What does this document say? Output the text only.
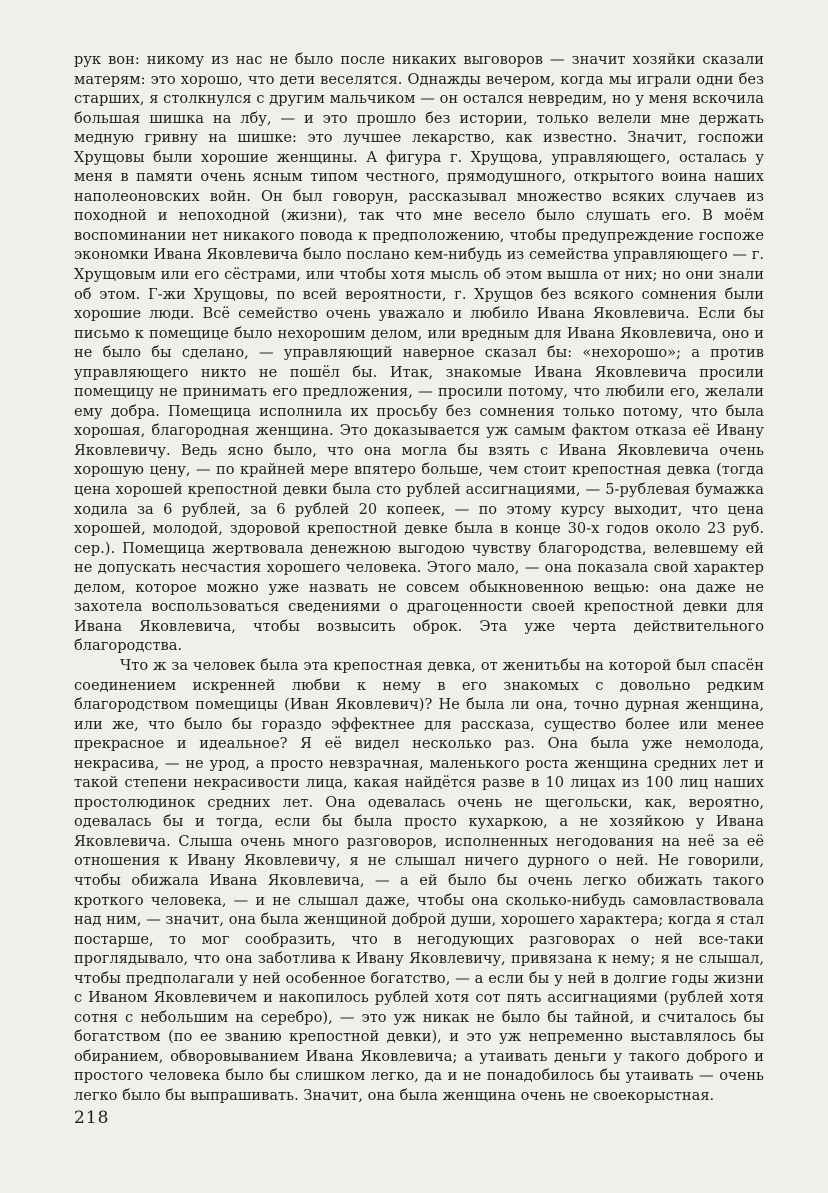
рук вон: никому из нас не было после никаких выговоров — значит хозяйки сказали матерям: это хорошо, что дети веселятся. Однажды вечером, когда мы играли одни без старших, я столкнулся с другим мальчиком — он остался невредим, но у меня вскочила большая шишка на лбу, — и это прошло без истории, только велели мне держать медную гривну на шишке: это лучшее лекарство, как известно. Значит, госпожи Хрущовы были хорошие женщины. А фигура г. Хрущова, управляющего, осталась у меня в памяти очень ясным типом честного, прямодушного, открытого воина наших наполеоновских войн. Он был говорун, рассказывал множество всяких случаев из походной и непоходной (жизни), так что мне весело было слушать его. В моём воспоминании нет никакого повода к предположению, чтобы предупреждение госпоже экономки Ивана Яковлевича было послано кем-нибудь из семейства управляющего — г. Хрущовым или его сёстрами, или чтобы хотя мысль об этом вышла от них; но они знали об этом. Г-жи Хрущовы, по всей вероятности, г. Хрущов без всякого сомнения были хорошие люди. Всё семейство очень уважало и любило Ивана Яковлевича. Если бы письмо к помещице было нехорошим делом, или вредным для Ивана Яковлевича, оно и не было бы сделано, — управляющий наверное сказал бы: «нехорошо»; а против управляющего никто не пошёл бы. Итак, знакомые Ивана Яковлевича просили помещицу не принимать его предложения, — просили потому, что любили его, желали ему добра. Помещица исполнила их просьбу без сомнения только потому, что была хорошая, благородная женщина. Это доказывается уж самым фактом отказа её Ивану Яковлевичу. Ведь ясно было, что она могла бы взять с Ивана Яковлевича очень хорошую цену, — по крайней мере впятеро больше, чем стоит крепостная девка (тогда цена хорошей крепостной девки была сто рублей ассигнациями, — 5-рублевая бумажка ходила за 6 рублей, за 6 рублей 20 копеек, — по этому курсу выходит, что цена хорошей, молодой, здоровой крепостной девке была в конце 30-х годов около 23 руб. сер.). Помещица жертвовала денежною выгодою чувству благородства, велевшему ей не допускать несчастия хорошего человека. Этого мало, — она показала свой характер делом, которое можно уже назвать не совсем обыкновенною вещью: она даже не захотела воспользоваться сведениями о драгоценности своей крепостной девки для Ивана Яковлевича, чтобы возвысить оброк. Эта уже черта действительного благородства.

Что ж за человек была эта крепостная девка, от женитьбы на которой был спасён соединением искренней любви к нему в его знакомых с довольно редким благородством помещицы (Иван Яковлевич)? Не была ли она, точно дурная женщина, или же, что было бы гораздо эффектнее для рассказа, существо более или менее прекрасное и идеальное? Я её видел несколько раз. Она была уже немолода, некрасива, — не урод, а просто невзрачная, маленького роста женщина средних лет и такой степени некрасивости лица, какая найдётся разве в 10 лицах из 100 лиц наших простолюдинок средних лет. Она одевалась очень не щегольски, как, вероятно, одевалась бы и тогда, если бы была просто кухаркою, а не хозяйкою у Ивана Яковлевича. Слыша очень много разговоров, исполненных негодования на неё за её отношения к Ивану Яковлевичу, я не слышал ничего дурного о ней. Не говорили, чтобы обижала Ивана Яковлевича, — а ей было бы очень легко обижать такого кроткого человека, — и не слышал даже, чтобы она сколько-нибудь самовластвовала над ним, — значит, она была женщиной доброй души, хорошего характера; когда я стал постарше, то мог сообразить, что в негодующих разговорах о ней все-таки проглядывало, что она заботлива к Ивану Яковлевичу, привязана к нему; я не слышал, чтобы предполагали у ней особенное богатство, — а если бы у ней в долгие годы жизни с Иваном Яковлевичем и накопилось рублей хотя сот пять ассигнациями (рублей хотя сотня с небольшим на серебро), — это уж никак не было бы тайной, и считалось бы богатством (по ее званию крепостной девки), и это уж непременно выставлялось бы обиранием, обворовыванием Ивана Яковлевича; а утаивать деньги у такого доброго и простого человека было бы слишком легко, да и не понадобилось бы утаивать — очень легко было бы выпрашивать. Значит, она была женщина очень не своекорыстная.

218
